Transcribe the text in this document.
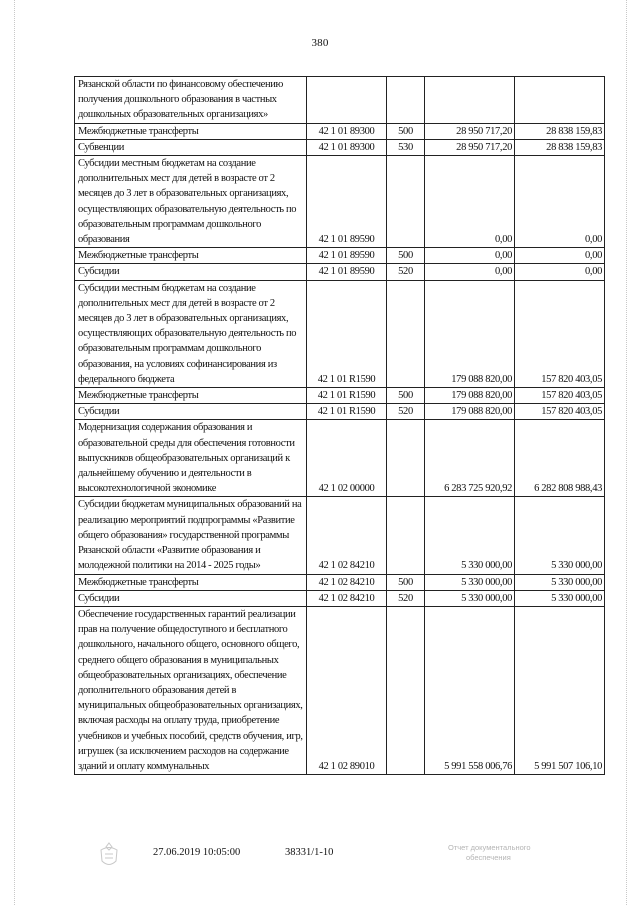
380
Рязанской области по финансовому обеспечению получения дошкольного образования в частных дошкольных образовательных организациях»				
Межбюджетные трансферты	42 1 01 89300	500	28 950 717,20	28 838 159,83
Субвенции	42 1 01 89300	530	28 950 717,20	28 838 159,83
Субсидии местным бюджетам на создание дополнительных мест для детей в возрасте от 2 месяцев до 3 лет в образовательных организациях, осуществляющих образовательную деятельность по образовательным программам дошкольного образования	42 1 01 89590		0,00	0,00
Межбюджетные трансферты	42 1 01 89590	500	0,00	0,00
Субсидии	42 1 01 89590	520	0,00	0,00
Субсидии местным бюджетам на создание дополнительных мест для детей в возрасте от 2 месяцев до 3 лет в образовательных организациях, осуществляющих образовательную деятельность по образовательным программам дошкольного образования, на условиях софинансирования из федерального бюджета	42 1 01 R1590		179 088 820,00	157 820 403,05
Межбюджетные трансферты	42 1 01 R1590	500	179 088 820,00	157 820 403,05
Субсидии	42 1 01 R1590	520	179 088 820,00	157 820 403,05
Модернизация содержания образования и образовательной среды для обеспечения готовности выпускников общеобразовательных организаций к дальнейшему обучению и деятельности в высокотехнологичной экономике	42 1 02 00000		6 283 725 920,92	6 282 808 988,43
Субсидии бюджетам муниципальных образований на реализацию мероприятий подпрограммы «Развитие общего образования» государственной программы Рязанской области «Развитие образования и молодежной политики на 2014 - 2025 годы»	42 1 02 84210		5 330 000,00	5 330 000,00
Межбюджетные трансферты	42 1 02 84210	500	5 330 000,00	5 330 000,00
Субсидии	42 1 02 84210	520	5 330 000,00	5 330 000,00
Обеспечение государственных гарантий реализации прав на получение общедоступного и бесплатного дошкольного, начального общего, основного общего, среднего общего образования в муниципальных общеобразовательных организациях, обеспечение дополнительного образования детей в муниципальных общеобразовательных организациях, включая расходы на оплату труда, приобретение учебников и учебных пособий, средств обучения, игр, игрушек (за исключением расходов на содержание зданий и оплату коммунальных	42 1 02 89010		5 991 558 006,76	5 991 507 106,10
27.06.2019 10:05:00	38331/1-10	Отчет документального
обеспечения
